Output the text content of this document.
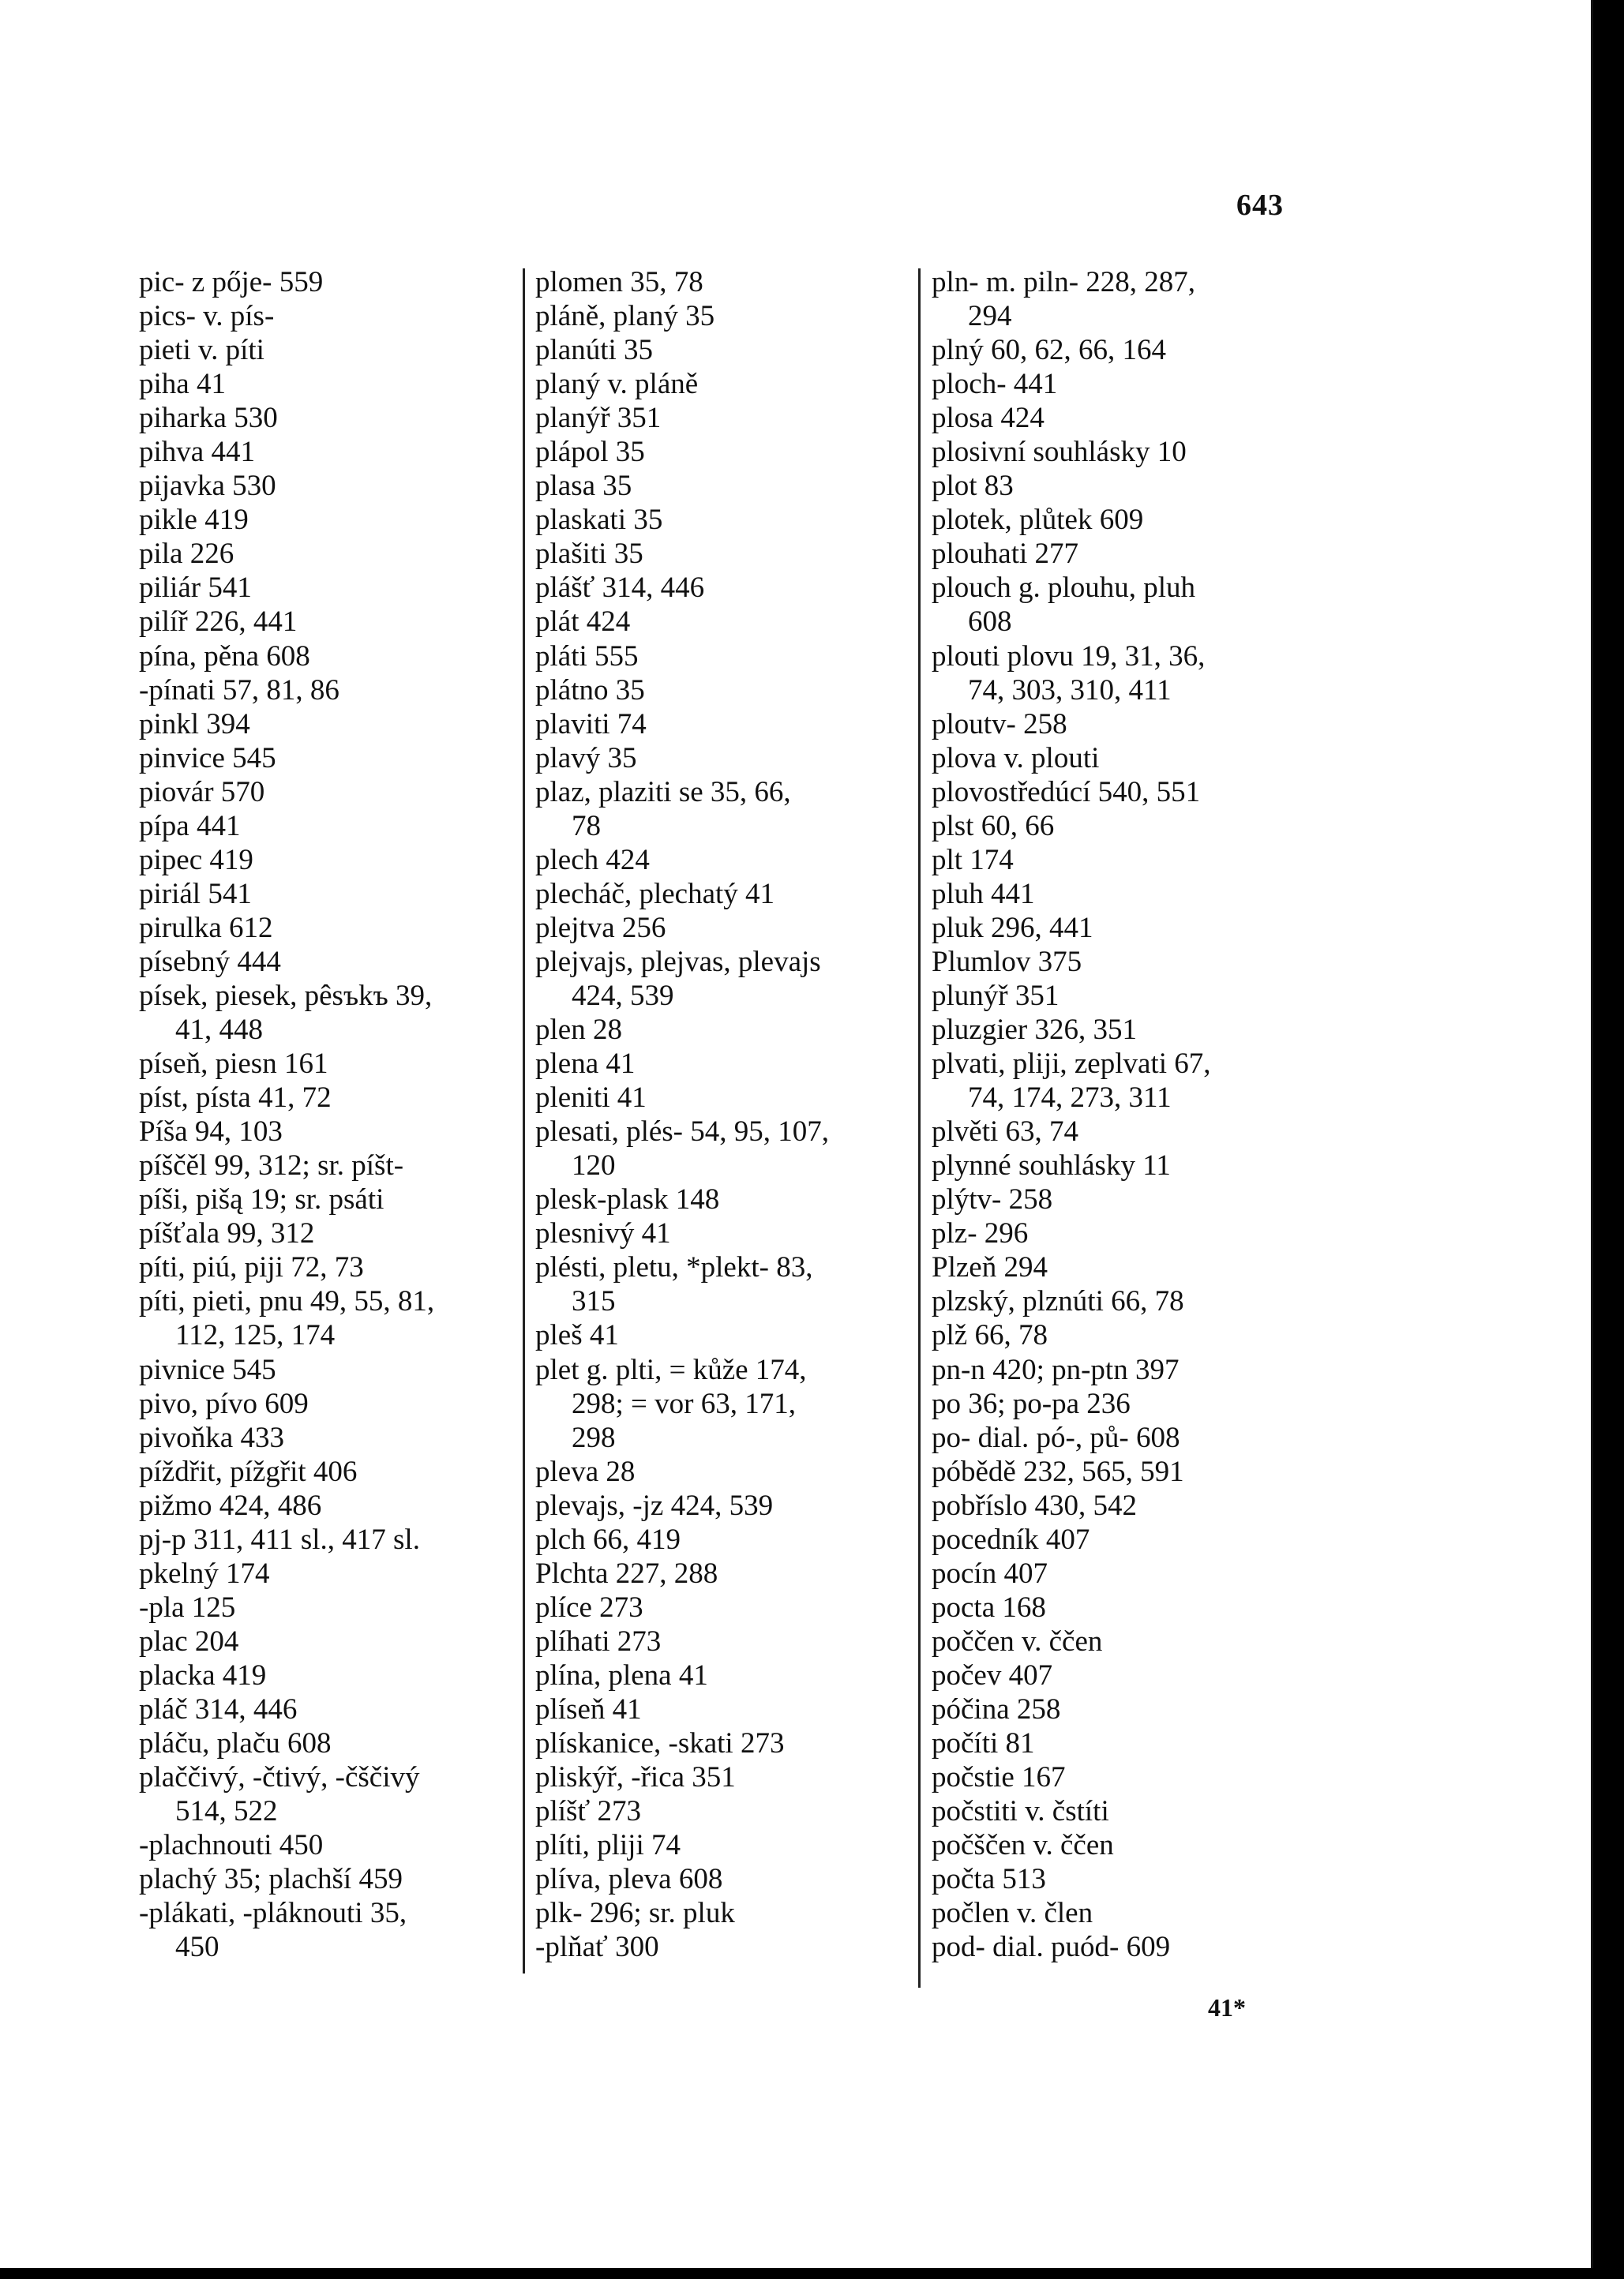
643
pic- z pője- 559
pics- v. pís-
pieti v. píti
piha 41
piharka 530
pihva 441
pijavka 530
pikle 419
pila 226
piliár 541
pilíř 226, 441
pína, pěna 608
-pínati 57, 81, 86
pinkl 394
pinvice 545
piovár 570
pípa 441
pipec 419
piriál 541
pirulka 612
písebný 444
písek, piesek, pêsъkъ 39,
41, 448
píseň, piesn 161
píst, písta 41, 72
Píša 94, 103
píščěl 99, 312; sr. píšt-
píši, pišą 19; sr. psáti
píšťala 99, 312
píti, piú, piji 72, 73
píti, pieti, pnu 49, 55, 81,
112, 125, 174
pivnice 545
pivo, pívo 609
pivoňka 433
píždřit, pížgřit 406
pižmo 424, 486
pj-p 311, 411 sl., 417 sl.
pkelný 174
-pla 125
plac 204
placka 419
pláč 314, 446
pláču, plaču 608
plaččivý, -čtivý, -čščivý
514, 522
-plachnouti 450
plachý 35; plachší 459
-plákati, -pláknouti 35,
450
plomen 35, 78
pláně, planý 35
planúti 35
planý v. pláně
planýř 351
plápol 35
plasa 35
plaskati 35
plašiti 35
plášť 314, 446
plát 424
pláti 555
plátno 35
plaviti 74
plavý 35
plaz, plaziti se 35, 66,
78
plech 424
plecháč, plechatý 41
plejtva 256
plejvajs, plejvas, plevajs
424, 539
plen 28
plena 41
pleniti 41
plesati, plés- 54, 95, 107,
120
plesk-plask 148
plesnivý 41
plésti, pletu, *plekt- 83,
315
pleš 41
plet g. plti, = kůže 174,
298; = vor 63, 171,
298
pleva 28
plevajs, -jz 424, 539
plch 66, 419
Plchta 227, 288
plíce 273
plíhati 273
plína, plena 41
plíseň 41
plískanice, -skati 273
pliskýř, -řica 351
plíšť 273
plíti, pliji 74
plíva, pleva 608
plk- 296; sr. pluk
-plňať 300
pln- m. piln- 228, 287,
294
plný 60, 62, 66, 164
ploch- 441
plosa 424
plosivní souhlásky 10
plot 83
plotek, plůtek 609
plouhati 277
plouch g. plouhu, pluh
608
plouti plovu 19, 31, 36,
74, 303, 310, 411
ploutv- 258
plova v. plouti
plovostředúcí 540, 551
plst 60, 66
plt 174
pluh 441
pluk 296, 441
Plumlov 375
plunýř 351
pluzgier 326, 351
plvati, pliji, zeplvati 67,
74, 174, 273, 311
plvěti 63, 74
plynné souhlásky 11
plýtv- 258
plz- 296
Plzeň 294
plzský, plznúti 66, 78
plž 66, 78
pn-n 420; pn-ptn 397
po 36; po-pa 236
po- dial. pó-, pů- 608
póbědě 232, 565, 591
pobříslo 430, 542
pocedník 407
pocín 407
pocta 168
poččen v. ččen
počev 407
póčina 258
počíti 81
počstie 167
počstiti v. čstíti
počščen v. ččen
počta 513
počlen v. člen
pod- dial. puód- 609
41*
